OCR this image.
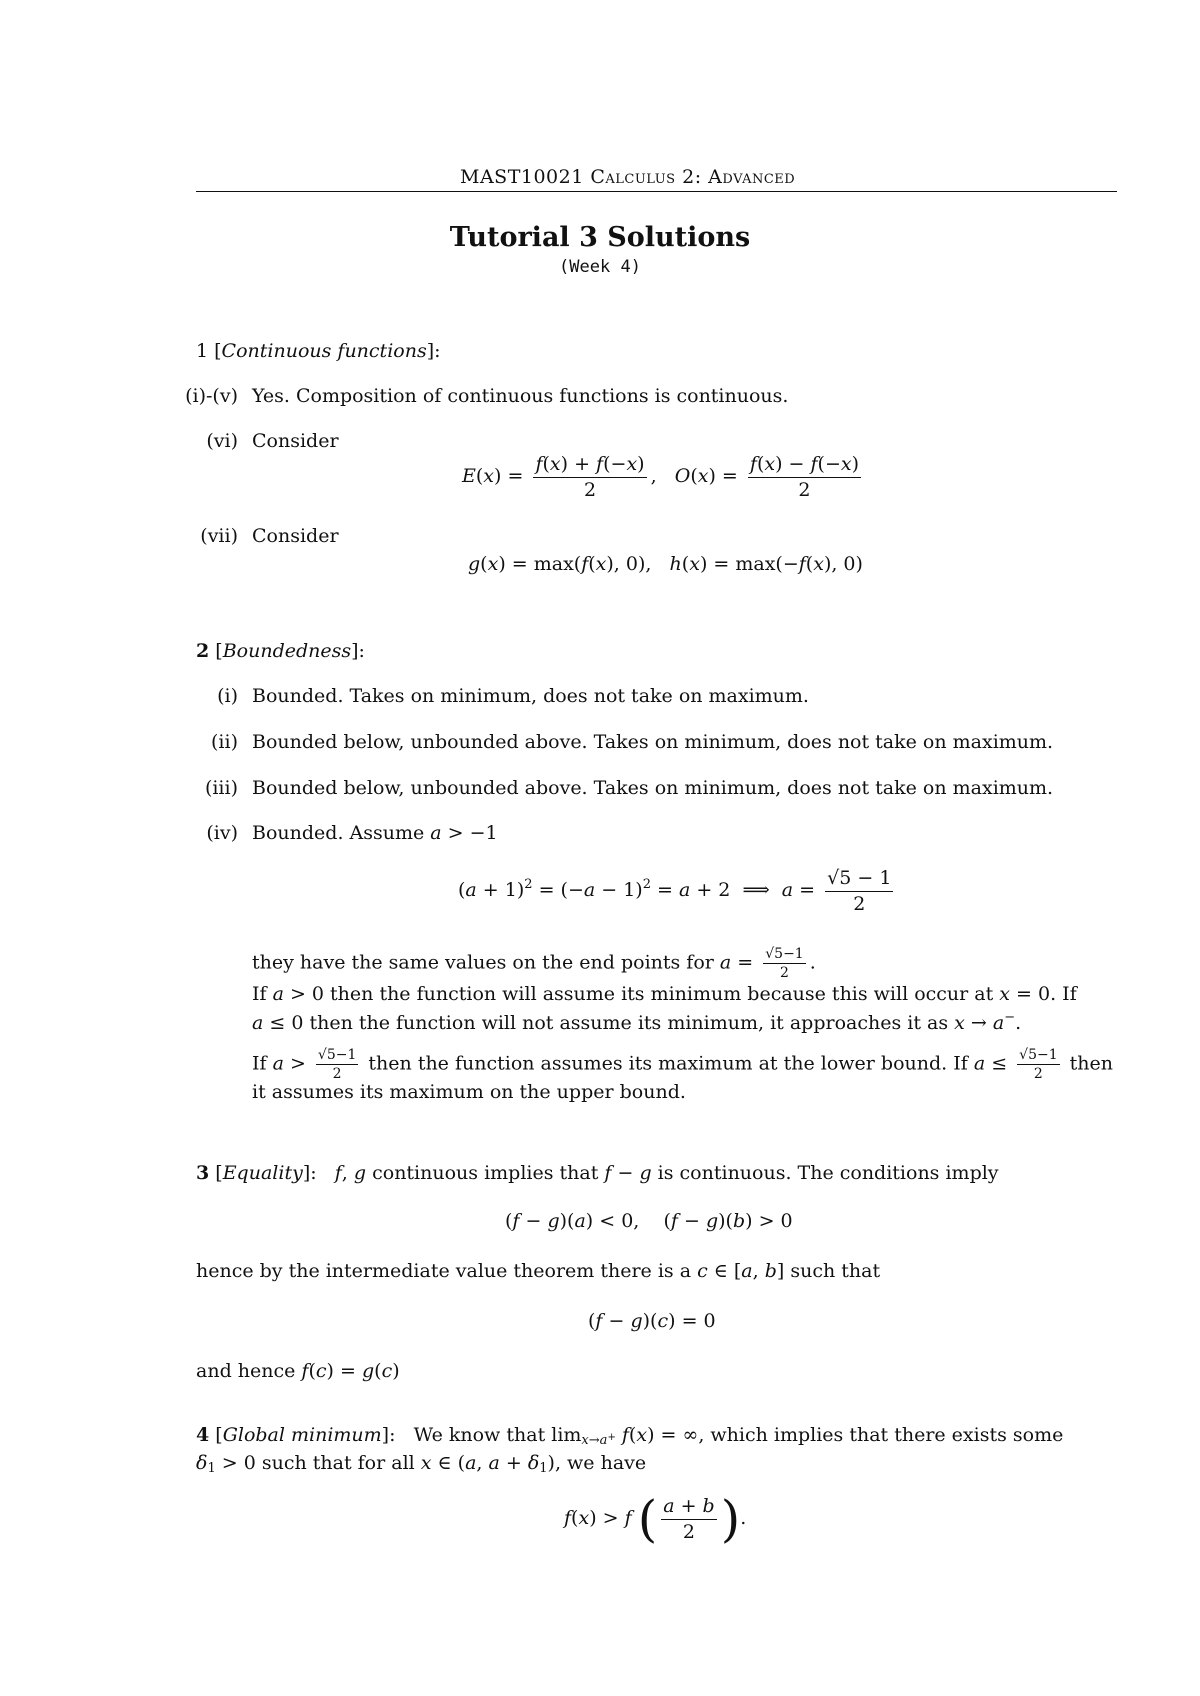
MAST10021 Calculus 2: Advanced
Tutorial 3 Solutions
(Week 4)
1 [Continuous functions]:
(i)-(v) Yes. Composition of continuous functions is continuous.
(vi) Consider
$E(x) = \frac{f(x) + f(-x)}{2}$ ,   $O(x) = \frac{f(x) - f(-x)}{2}$
(vii) Consider
g(x) = max(f(x), 0),   h(x) = max(−f(x), 0)
2 [Boundedness]:
(i) Bounded. Takes on minimum, does not take on maximum.
(ii) Bounded below, unbounded above. Takes on minimum, does not take on maximum.
(iii) Bounded below, unbounded above. Takes on minimum, does not take on maximum.
(iv) Bounded. Assume a > −1
$(a + 1)^2 = (-a - 1)^2 = a + 2$  ⟹  $a = \frac{√5 - 1}{2}$
they have the same values on the end points for $a = \frac{√5-1}{2}$ .
If a > 0 then the function will assume its minimum because this will occur at x = 0. If
a ≤ 0 then the function will not assume its minimum, it approaches it as x → a−.
If $a > \frac{√5-1}{2}$ then the function assumes its maximum at the lower bound. If $a \le \frac{√5-1}{2}$ then
it assumes its maximum on the upper bound.
3 [Equality]:   f, g continuous implies that f − g is continuous. The conditions imply
(f − g)(a) < 0,    (f − g)(b) > 0
hence by the intermediate value theorem there is a c ∈ [a, b] such that
(f − g)(c) = 0
and hence f(c) = g(c)
4 [Global minimum]:   We know that $\lim_{x\to a^+} f(x)$ = ∞, which implies that there exists some
$\delta_1 > 0$ such that for all x ∈ (a, $a + \delta_1$), we have
f(x) > f ( $\frac{a + b}{2}$ ).
